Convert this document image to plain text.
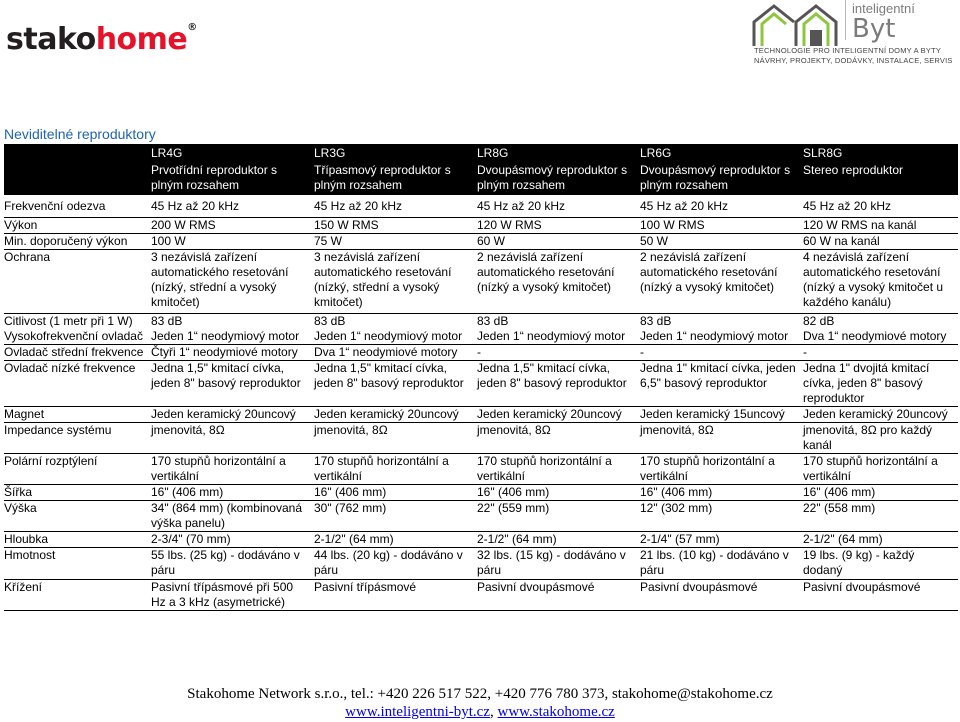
stakohome®
inteligentní
Byt
TECHNOLOGIE PRO INTELIGENTNÍ DOMY A BYTY
NÁVRHY, PROJEKTY, DODÁVKY, INSTALACE, SERVIS
Neviditelné reproduktory
	LR4G	LR3G	LR8G	LR6G	SLR8G
	Prvotřídní reproduktor s plným rozsahem	Třípasmový reproduktor s plným rozsahem	Dvoupásmový reproduktor s plným rozsahem	Dvoupásmový reproduktor s plným rozsahem	Stereo reproduktor
Frekvenční odezva	45 Hz až 20 kHz	45 Hz až 20 kHz	45 Hz až 20 kHz	45 Hz až 20 kHz	45 Hz až 20 kHz
Výkon	200 W RMS	150 W RMS	120 W RMS	100 W RMS	120 W RMS na kanál
Min. doporučený výkon	100 W	75 W	60 W	50 W	60 W na kanál
Ochrana	3 nezávislá zařízení automatického resetování (nízký, střední a vysoký kmitočet)	3 nezávislá zařízení automatického resetování (nízký, střední a vysoký kmitočet)	2 nezávislá zařízení automatického resetování (nízký a vysoký kmitočet)	2 nezávislá zařízení automatického resetování (nízký a vysoký kmitočet)	4 nezávislá zařízení automatického resetování (nízký a vysoký kmitočet u každého kanálu)
Citlivost (1 metr při 1 W)	83 dB	83 dB	83 dB	83 dB	82 dB
Vysokofrekvenční ovladač	Jeden 1“ neodymiový motor	Jeden 1“ neodymiový motor	Jeden 1“ neodymiový motor	Jeden 1“ neodymiový motor	Dva 1“ neodymiové motory
Ovladač střední frekvence	Čtyři 1“ neodymiové motory	Dva 1“ neodymiové motory	-	-	-
Ovladač nízké frekvence	Jedna 1,5" kmitací cívka, jeden 8" basový reproduktor	Jedna 1,5" kmitací cívka, jeden 8" basový reproduktor	Jedna 1,5" kmitací cívka, jeden 8" basový reproduktor	Jedna 1" kmitací cívka, jeden 6,5" basový reproduktor	Jedna 1" dvojitá kmitací cívka, jeden 8" basový reproduktor
Magnet	Jeden keramický 20uncový	Jeden keramický 20uncový	Jeden keramický 20uncový	Jeden keramický 15uncový	Jeden keramický 20uncový
Impedance systému	jmenovitá, 8Ω	jmenovitá, 8Ω	jmenovitá, 8Ω	jmenovitá, 8Ω	jmenovitá, 8Ω pro každý kanál
Polární rozptýlení	170 stupňů horizontální a vertikální	170 stupňů horizontální a vertikální	170 stupňů horizontální a vertikální	170 stupňů horizontální a vertikální	170 stupňů horizontální a vertikální
Šířka	16" (406 mm)	16" (406 mm)	16" (406 mm)	16" (406 mm)	16" (406 mm)
Výška	34" (864 mm) (kombinovaná výška panelu)	30" (762 mm)	22" (559 mm)	12" (302 mm)	22" (558 mm)
Hloubka	2-3/4" (70 mm)	2-1/2" (64 mm)	2-1/2" (64 mm)	2-1/4" (57 mm)	2-1/2" (64 mm)
Hmotnost	55 lbs. (25 kg) - dodáváno v páru	44 lbs. (20 kg) - dodáváno v páru	32 lbs. (15 kg) - dodáváno v páru	21 lbs. (10 kg) - dodáváno v páru	19 lbs. (9 kg) - každý dodaný
Křížení	Pasivní třípásmové při 500 Hz a 3 kHz (asymetrické)	Pasivní třípásmové	Pasivní dvoupásmové	Pasivní dvoupásmové	Pasivní dvoupásmové
Stakohome Network s.r.o., tel.: +420 226 517 522, +420 776 780 373, stakohome@stakohome.cz
www.inteligentni-byt.cz, www.stakohome.cz
